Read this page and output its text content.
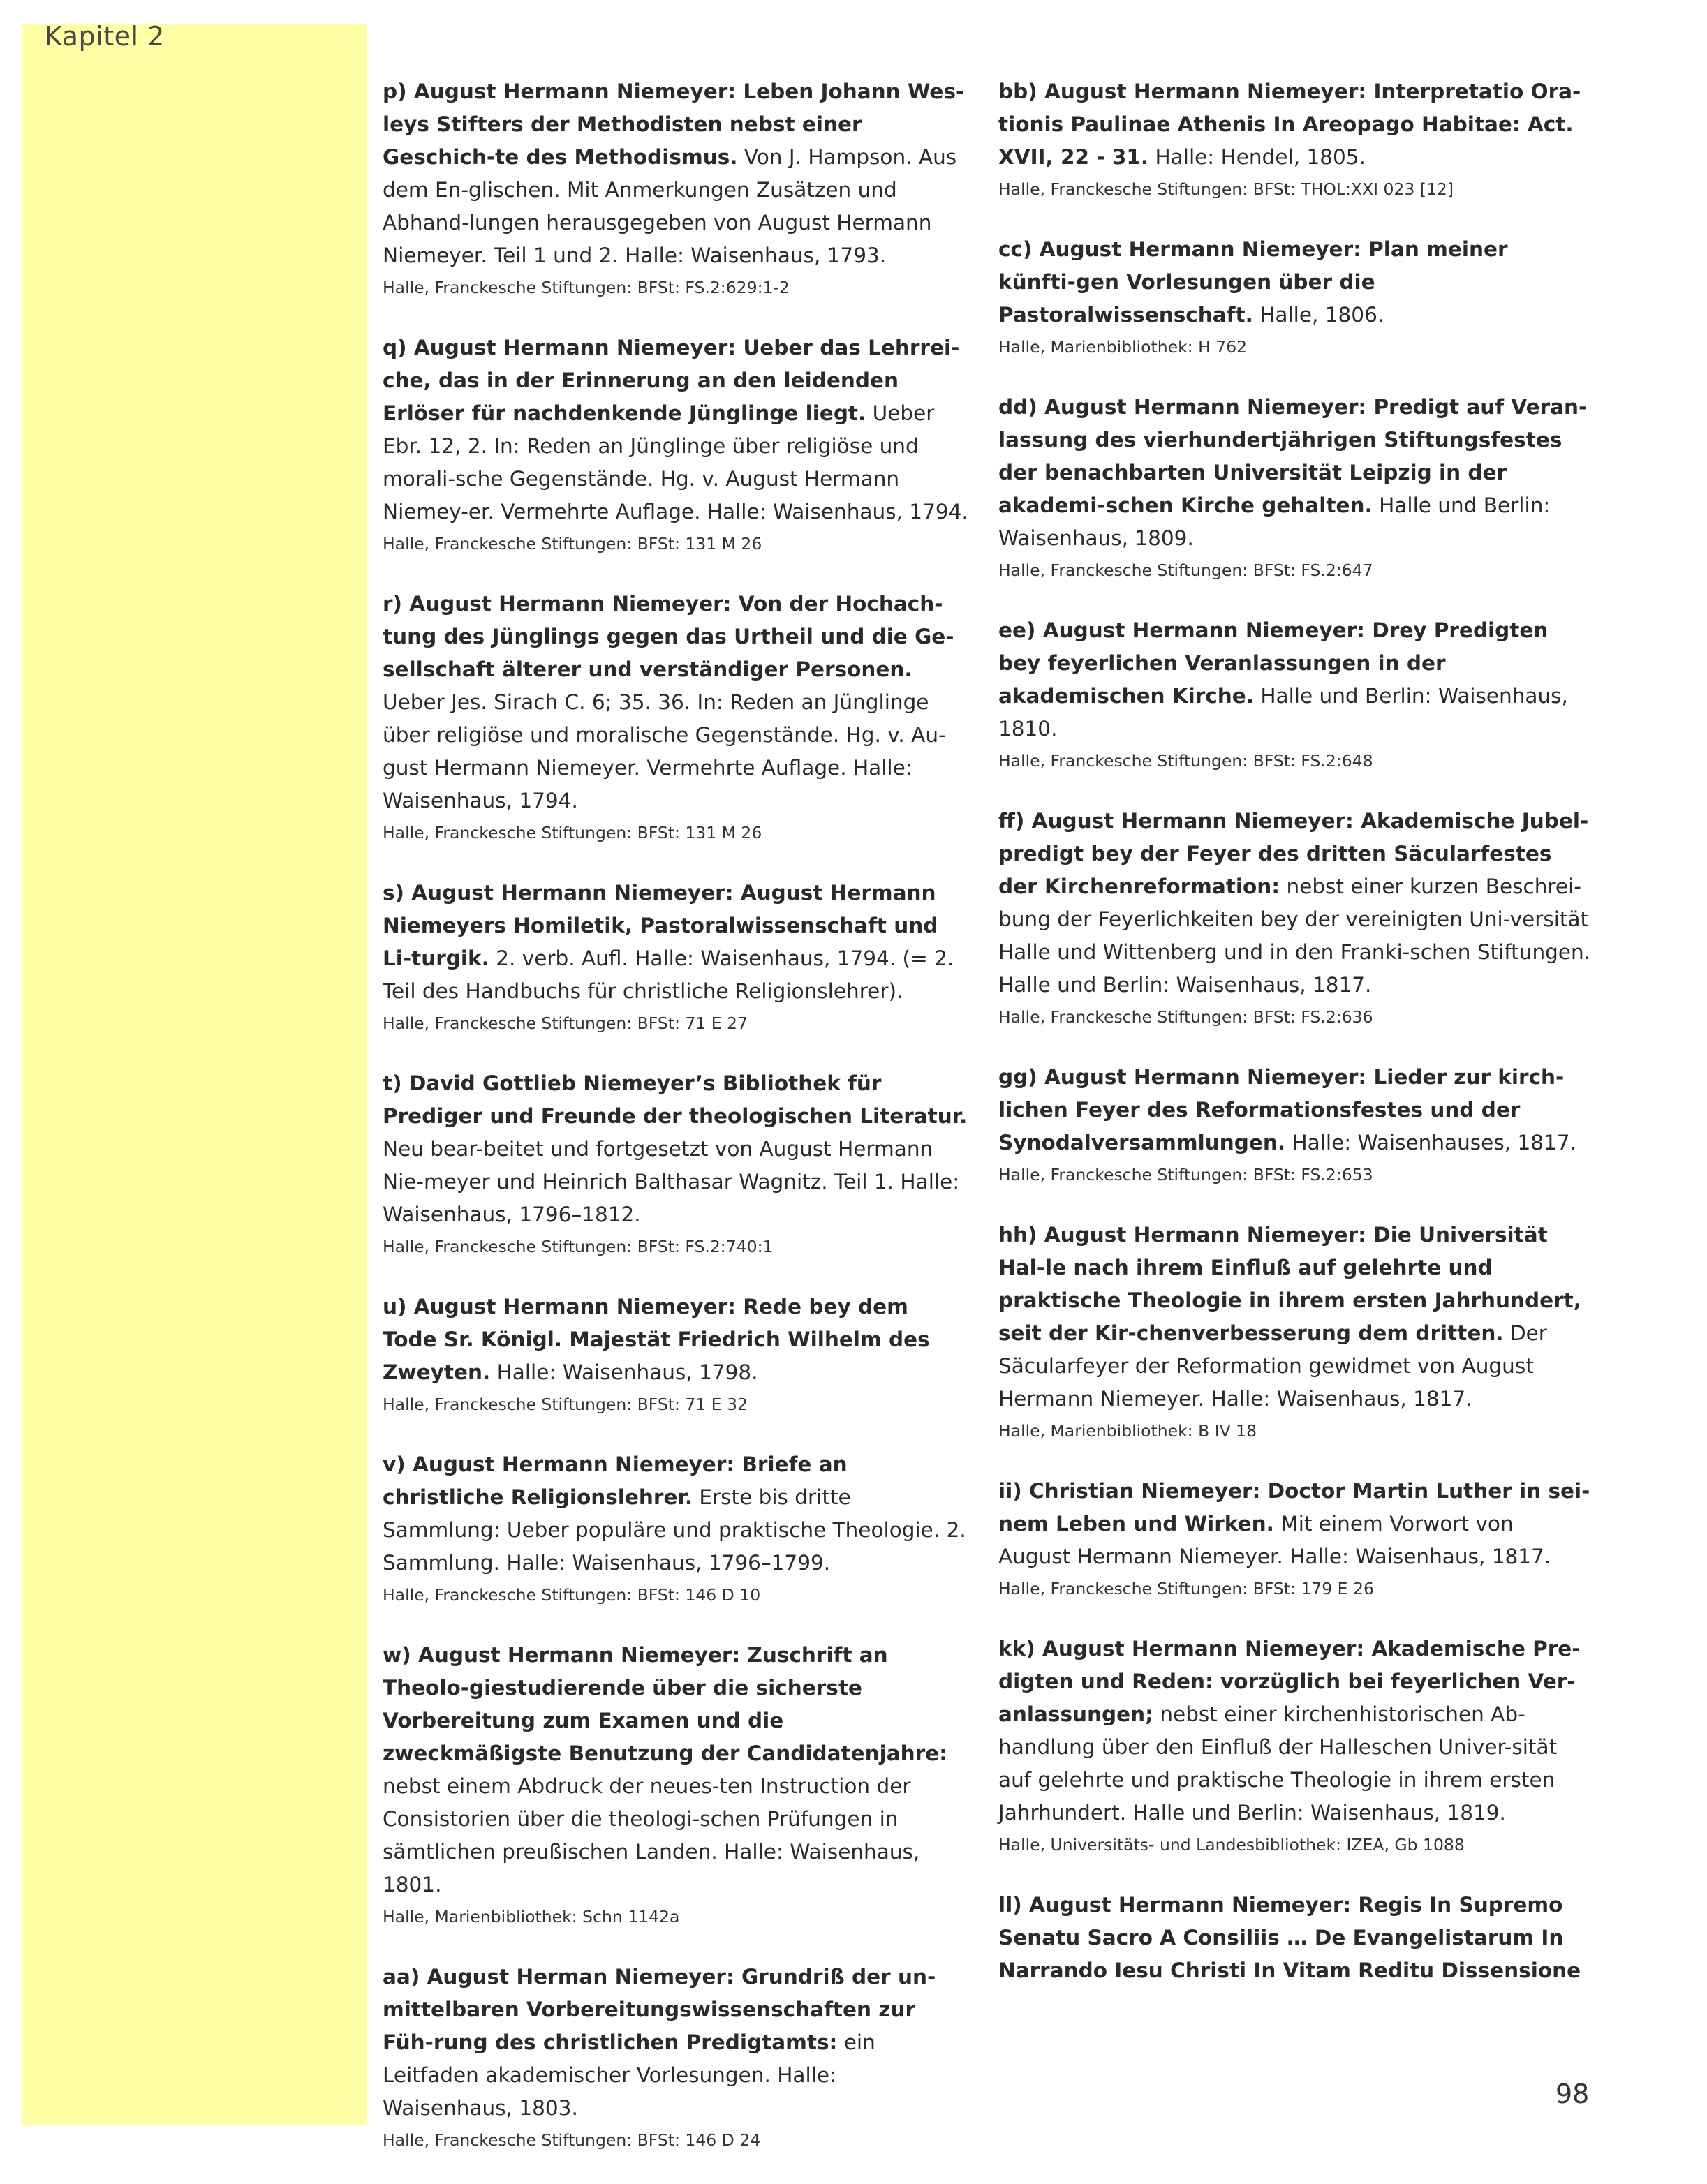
Kapitel 2

p) August Hermann Niemeyer: Leben Johann Wes-leys Stifters der Methodisten nebst einer Geschich-te des Methodismus. Von J. Hampson. Aus dem En-glischen. Mit Anmerkungen Zusätzen und Abhand-lungen herausgegeben von August Hermann Niemeyer. Teil 1 und 2. Halle: Waisenhaus, 1793.

Halle, Franckesche Stiftungen: BFSt: FS.2:629:1-2

q) August Hermann Niemeyer: Ueber das Lehrrei-che, das in der Erinnerung an den leidenden Erlöser für nachdenkende Jünglinge liegt. Ueber Ebr. 12, 2. In: Reden an Jünglinge über religiöse und morali-sche Gegenstände. Hg. v. August Hermann Niemey-er. Vermehrte Auflage. Halle: Waisenhaus, 1794.

Halle, Franckesche Stiftungen: BFSt: 131 M 26

r) August Hermann Niemeyer: Von der Hochach-tung des Jünglings gegen das Urtheil und die Ge-sellschaft älterer und verständiger Personen. Ueber Jes. Sirach C. 6; 35. 36. In: Reden an Jünglinge über religiöse und moralische Gegenstände. Hg. v. Au-gust Hermann Niemeyer. Vermehrte Auflage. Halle: Waisenhaus, 1794.

Halle, Franckesche Stiftungen: BFSt: 131 M 26

s) August Hermann Niemeyer: August Hermann Niemeyers Homiletik, Pastoralwissenschaft und Li-turgik. 2. verb. Aufl. Halle: Waisenhaus, 1794. (= 2. Teil des Handbuchs für christliche Religionslehrer).

Halle, Franckesche Stiftungen: BFSt: 71 E 27

t) David Gottlieb Niemeyer’s Bibliothek für Prediger und Freunde der theologischen Literatur. Neu bear-beitet und fortgesetzt von August Hermann Nie-meyer und Heinrich Balthasar Wagnitz. Teil 1. Halle: Waisenhaus, 1796–1812.

Halle, Franckesche Stiftungen: BFSt: FS.2:740:1

u) August Hermann Niemeyer: Rede bey dem Tode Sr. Königl. Majestät Friedrich Wilhelm des Zweyten. Halle: Waisenhaus, 1798.

Halle, Franckesche Stiftungen: BFSt: 71 E 32

v) August Hermann Niemeyer: Briefe an christliche Religionslehrer. Erste bis dritte Sammlung: Ueber populäre und praktische Theologie. 2. Sammlung. Halle: Waisenhaus, 1796–1799.

Halle, Franckesche Stiftungen: BFSt: 146 D 10

w) August Hermann Niemeyer: Zuschrift an Theolo-giestudierende über die sicherste Vorbereitung zum Examen und die zweckmäßigste Benutzung der Candidatenjahre: nebst einem Abdruck der neues-ten Instruction der Consistorien über die theologi-schen Prüfungen in sämtlichen preußischen Landen. Halle: Waisenhaus, 1801.

Halle, Marienbibliothek: Schn 1142a

aa) August Herman Niemeyer: Grundriß der un-mittelbaren Vorbereitungswissenschaften zur Füh-rung des christlichen Predigtamts: ein Leitfaden akademischer Vorlesungen. Halle: Waisenhaus, 1803.

Halle, Franckesche Stiftungen: BFSt: 146 D 24

bb) August Hermann Niemeyer: Interpretatio Ora-tionis Paulinae Athenis In Areopago Habitae: Act. XVII, 22 - 31. Halle: Hendel, 1805.

Halle, Franckesche Stiftungen: BFSt: THOL:XXI 023 [12]

cc) August Hermann Niemeyer: Plan meiner künfti-gen Vorlesungen über die Pastoralwissenschaft. Halle, 1806.

Halle, Marienbibliothek: H 762

dd) August Hermann Niemeyer: Predigt auf Veran-lassung des vierhundertjährigen Stiftungsfestes der benachbarten Universität Leipzig in der akademi-schen Kirche gehalten. Halle und Berlin: Waisenhaus, 1809.

Halle, Franckesche Stiftungen: BFSt: FS.2:647

ee) August Hermann Niemeyer: Drey Predigten bey feyerlichen Veranlassungen in der akademischen Kirche. Halle und Berlin: Waisenhaus, 1810.

Halle, Franckesche Stiftungen: BFSt: FS.2:648

ff) August Hermann Niemeyer: Akademische Jubel-predigt bey der Feyer des dritten Säcularfestes der Kirchenreformation: nebst einer kurzen Beschrei-bung der Feyerlichkeiten bey der vereinigten Uni-versität Halle und Wittenberg und in den Franki-schen Stiftungen. Halle und Berlin: Waisenhaus, 1817.

Halle, Franckesche Stiftungen: BFSt: FS.2:636

gg) August Hermann Niemeyer: Lieder zur kirch-lichen Feyer des Reformationsfestes und der Synodalversammlungen. Halle: Waisenhauses, 1817.

Halle, Franckesche Stiftungen: BFSt: FS.2:653

hh) August Hermann Niemeyer: Die Universität Hal-le nach ihrem Einfluß auf gelehrte und praktische Theologie in ihrem ersten Jahrhundert, seit der Kir-chenverbesserung dem dritten. Der Säcularfeyer der Reformation gewidmet von August Hermann Niemeyer. Halle: Waisenhaus, 1817.

Halle, Marienbibliothek: B IV 18

ii) Christian Niemeyer: Doctor Martin Luther in sei-nem Leben und Wirken. Mit einem Vorwort von August Hermann Niemeyer. Halle: Waisenhaus, 1817.

Halle, Franckesche Stiftungen: BFSt: 179 E 26

kk) August Hermann Niemeyer: Akademische Pre-digten und Reden: vorzüglich bei feyerlichen Ver-anlassungen; nebst einer kirchenhistorischen Ab-handlung über den Einfluß der Halleschen Univer-sität auf gelehrte und praktische Theologie in ihrem ersten Jahrhundert. Halle und Berlin: Waisenhaus, 1819.

Halle, Universitäts- und Landesbibliothek: IZEA, Gb 1088

ll) August Hermann Niemeyer: Regis In Supremo Senatu Sacro A Consiliis … De Evangelistarum In Narrando Iesu Christi In Vitam Reditu Dissensione

98
